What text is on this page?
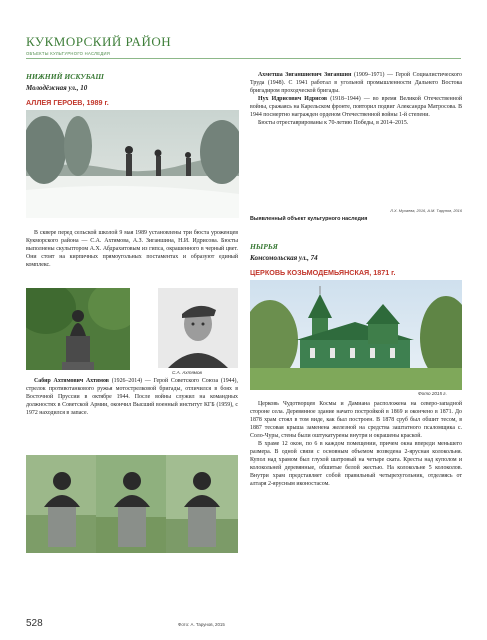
КУКМОРСКИЙ РАЙОН
ОБЪЕКТЫ КУЛЬТУРНОГО НАСЛЕДИЯ
НИЖНИЙ ИСКУБАШ
Молодёжная ул., 10
АЛЛЕЯ ГЕРОЕВ, 1989 г.

В сквере перед сельской школой 9 мая 1989 установлены три бюста уроженцев Кукморского района — С.А. Ахтямова, А.З. Зиганшина, Н.И. Идрисова. Бюсты выполнены скульптором А.Х. Абдрахитовым из гипса, окрашенного в черный цвет. Они стоят на кирпичных прямоугольных постаментах и образуют единый комплекс.

С.А. Ахтямов

Сабир Ахтямович Ахтямов (1926–2014) — Герой Советского Союза (1944), стрелок противотанкового ружья мотострелковой бригады, отличился в боях в Восточной Пруссии в октябре 1944. После войны служил на командных должностях в Советской Армии, окончил Высший военный институт КГБ (1959), с 1972 находился в запасе.

Ахметша Зиганшиевич Зиганшин (1909–1971) — Герой Социалистического Труда (1948). С 1941 работал в угольной промышленности Дальнего Востока бригадиром проходческой бригады.

Нух Идрисович Идрисов (1918–1944) — во время Великой Отечественной войны, сражаясь на Карельском фронте, повторил подвиг Александра Матросова. В 1944 посмертно награжден орденом Отечественной войны 1-й степени.

Бюсты отреставрированы к 70-летию Победы, в 2014–2015.

Л.Х. Мухаева, 2016, А.М. Тарунов, 2016
Выявленный объект культурного наследия
НЫРЬЯ
Комсомольская ул., 74
ЦЕРКОВЬ КОЗЬМОДЕМЬЯНСКАЯ, 1871 г.
Фото 2015 г.

Церковь Чудотворцев Космы и Дамиана расположена на северо-западной стороне села. Деревянное здание начато постройкой в 1869 и окончено в 1871. До 1878 храм стоял в том виде, как был построен. В 1878 сруб был обшит тесом, в 1887 тесовая крыша заменена железной на средства заштатного псаломщика с. Соло-Чуры, стены были оштукатурены внутри и окрашены краской.

В храме 12 окон, по 6 в каждом помещении, причем окна впереди меньшего размера. В одной связи с основным объемом возведена 2-ярусная колокольня. Купол над храмом был глухой шатровый на четыре ската. Кресты над куполом и колокольней деревянные, обшитые белой жестью. На колокольне 5 колоколов. Внутри храм представляет собой правильный четырехугольник, отделяясь от алтаря 2-ярусным иконостасом.

528	Фото: А. Тарунов, 2015
